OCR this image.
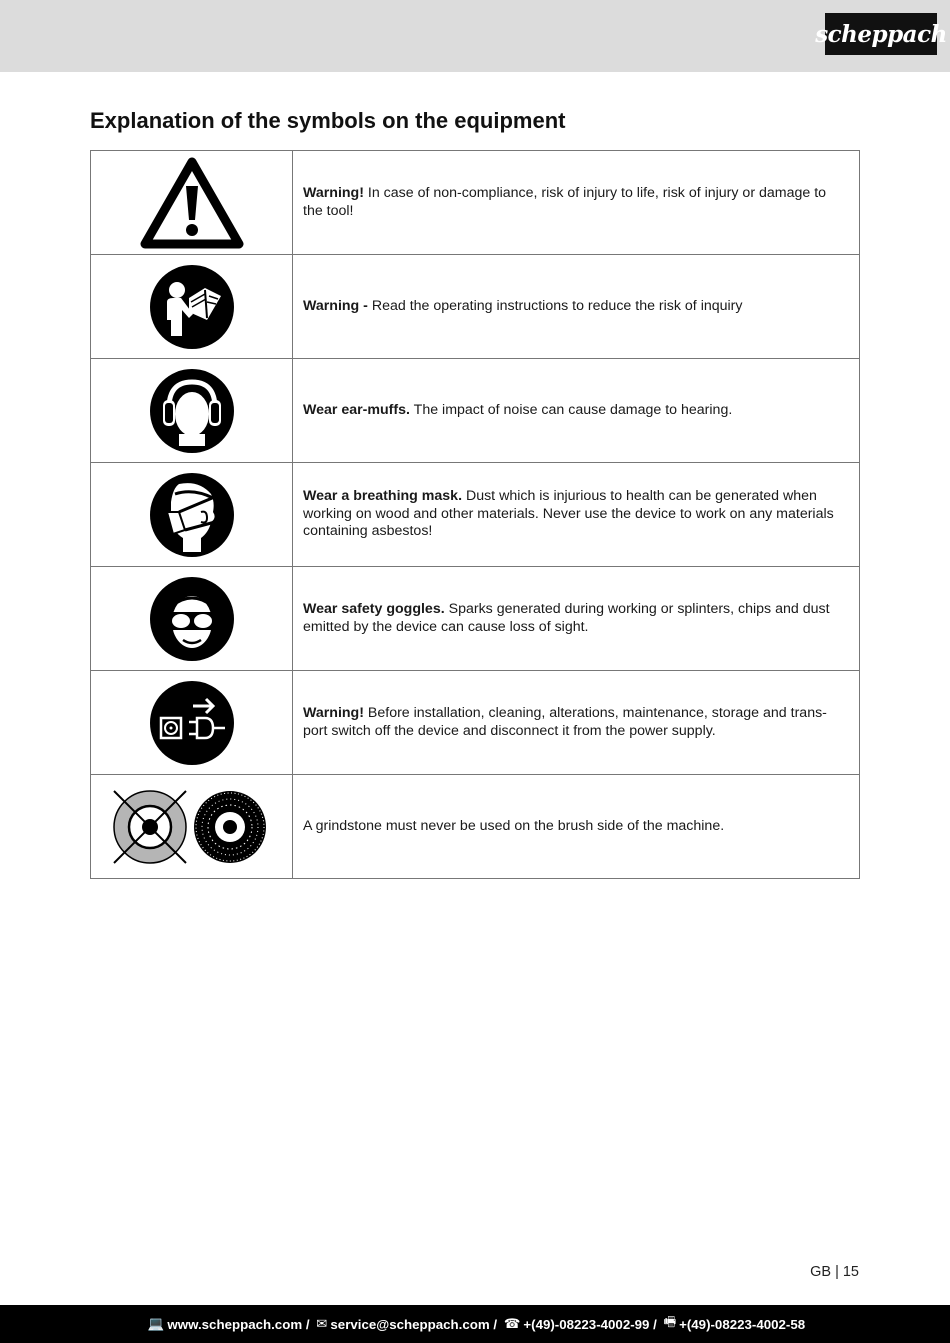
scheppach
Explanation of the symbols on the equipment
	Warning! In case of non-compliance, risk of injury to life, risk of injury or damage to the tool!

	Warning - Read the operating instructions to reduce the risk of inquiry

	Wear ear-muffs. The impact of noise can cause damage to hearing.

	Wear a breathing mask. Dust which is injurious to health can be generated when working on wood and other materials. Never use the device to work on any materials containing asbestos!

	Wear safety goggles. Sparks generated during working or splinters, chips and dust emitted by the device can cause loss of sight.

	Warning! Before installation, cleaning, alterations, maintenance, storage and trans-port switch off the device and disconnect it from the power supply.

	A grindstone must never be used on the brush side of the machine.
GB | 15
💻 www.scheppach.com / ✉ service@scheppach.com / ☎ +(49)-08223-4002-99 / 🖷 +(49)-08223-4002-58
